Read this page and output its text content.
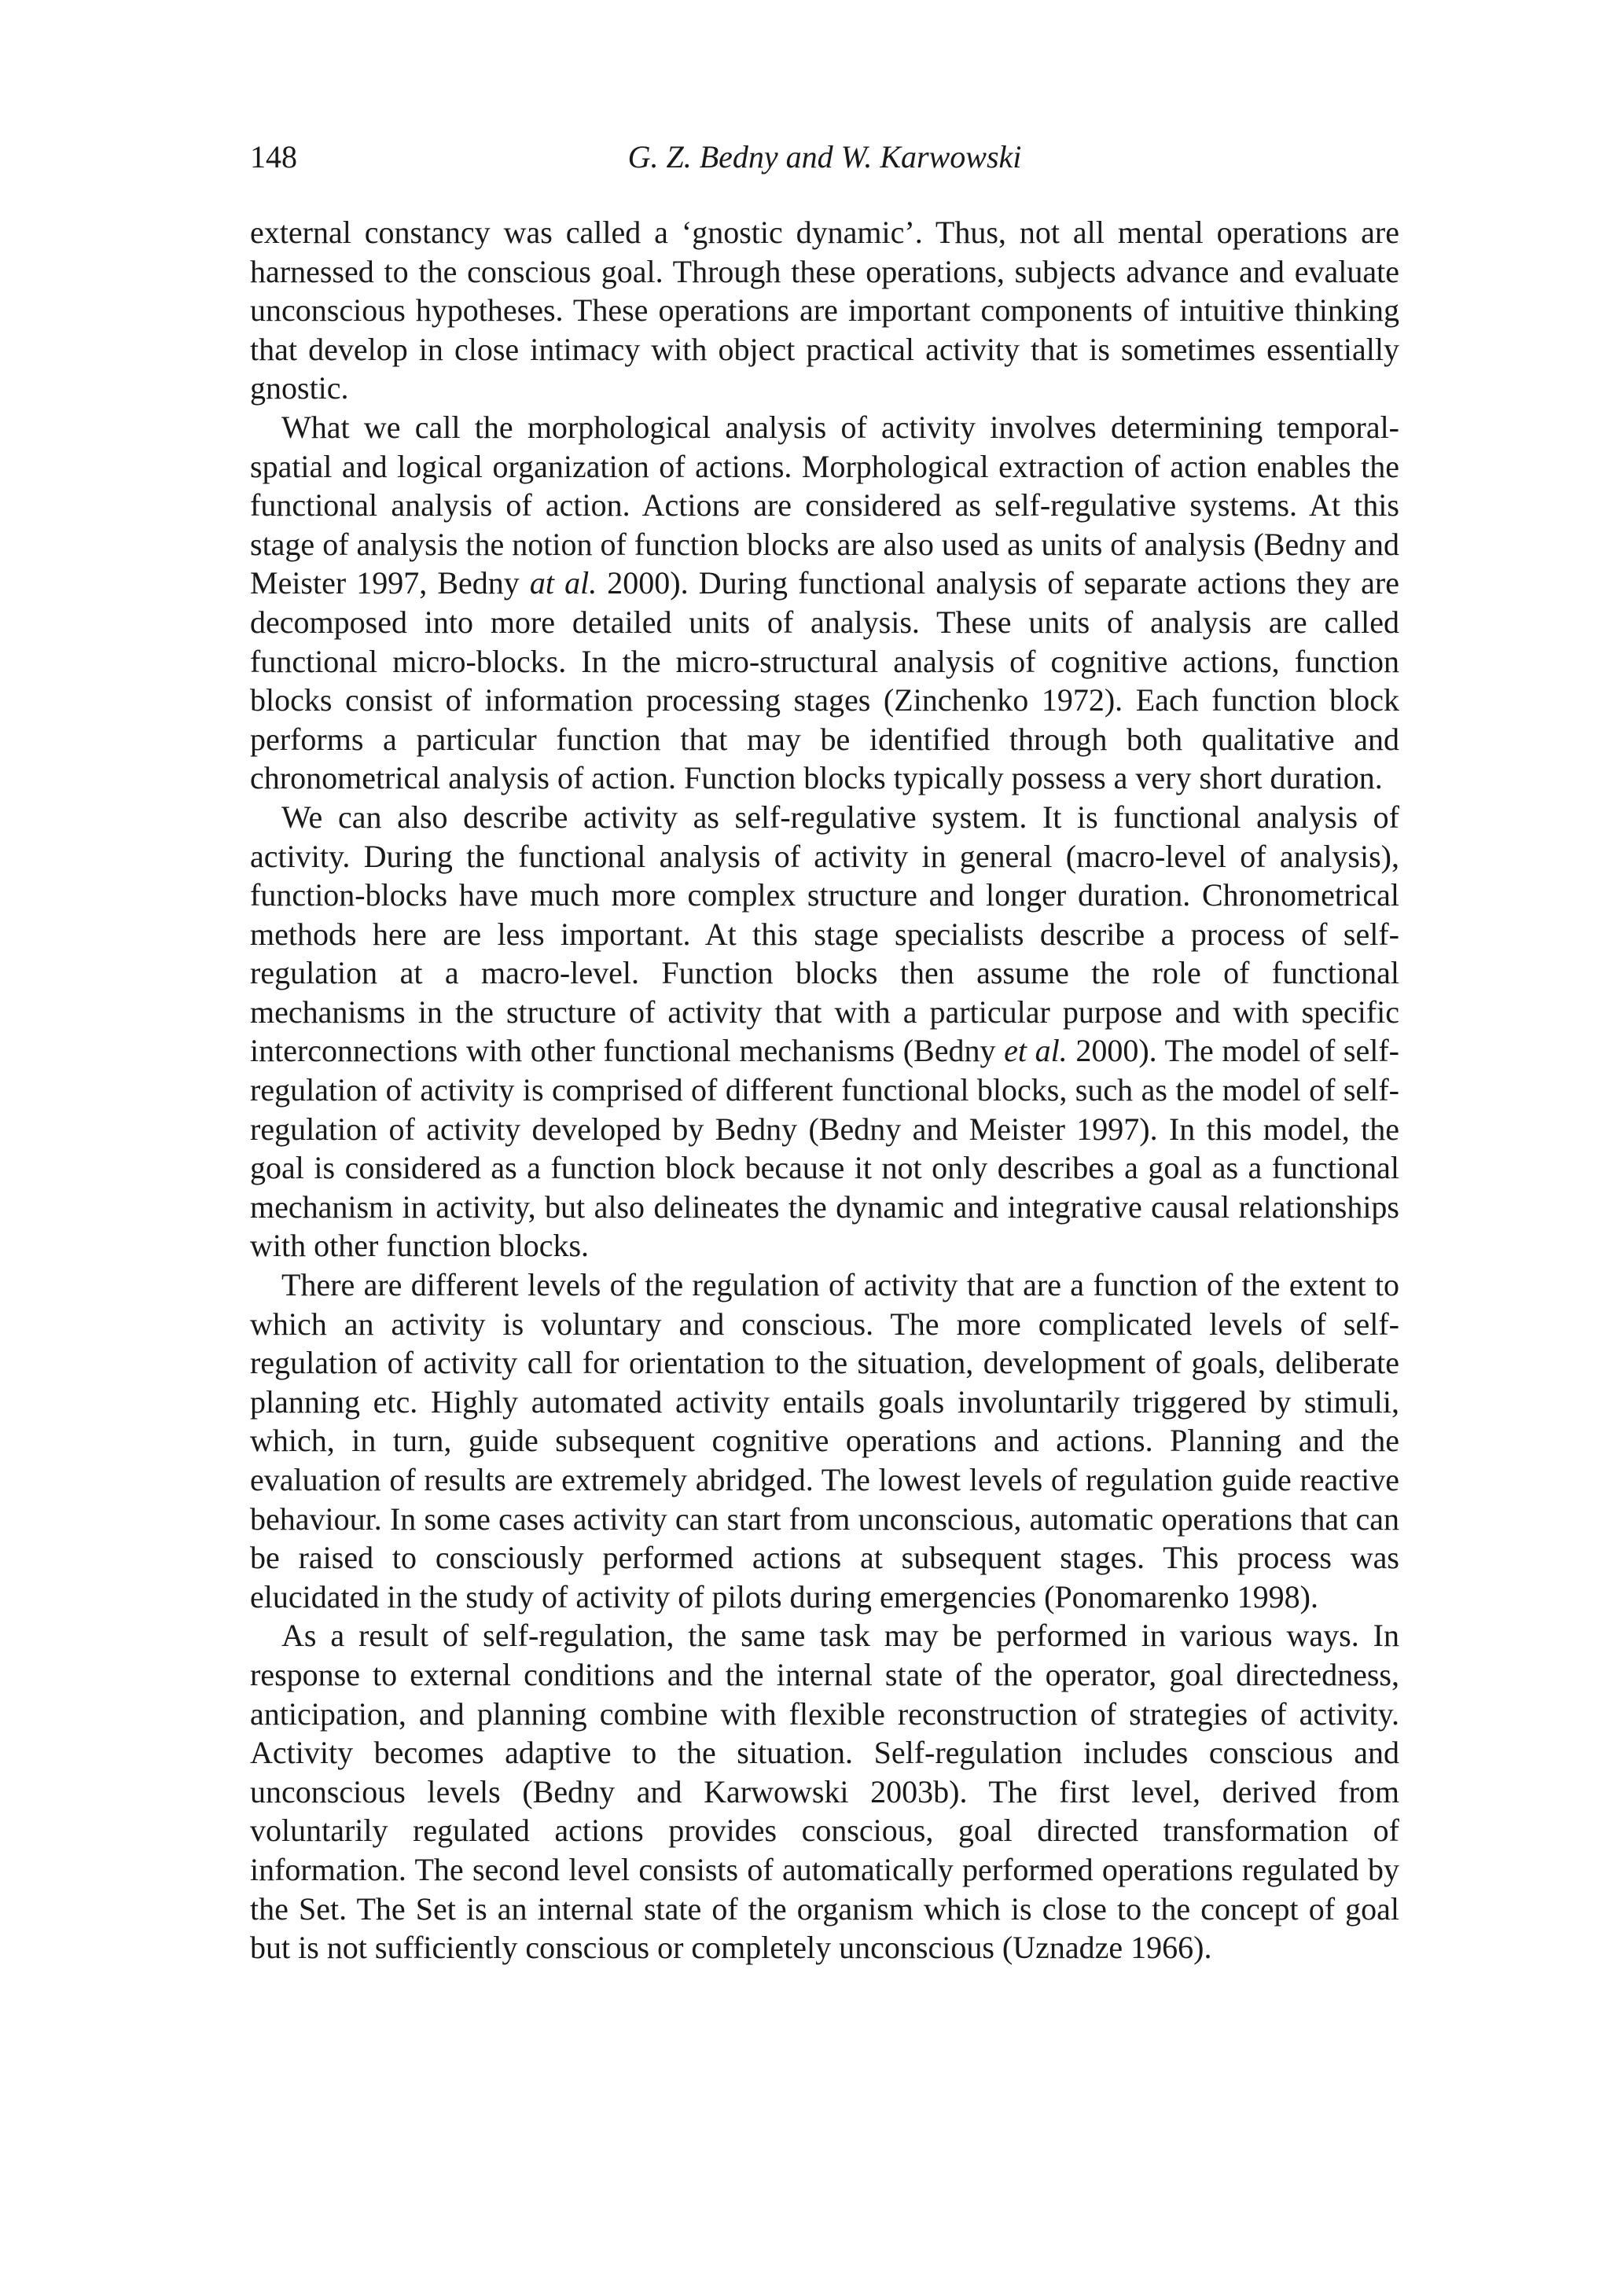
148	G. Z. Bedny and W. Karwowski

external constancy was called a ‘gnostic dynamic’. Thus, not all mental operations are harnessed to the conscious goal. Through these operations, subjects advance and evaluate unconscious hypotheses. These operations are important components of intuitive thinking that develop in close intimacy with object practical activity that is sometimes essentially gnostic.

What we call the morphological analysis of activity involves determining temporal-spatial and logical organization of actions. Morphological extraction of action enables the functional analysis of action. Actions are considered as self-regulative systems. At this stage of analysis the notion of function blocks are also used as units of analysis (Bedny and Meister 1997, Bedny at al. 2000). During functional analysis of separate actions they are decomposed into more detailed units of analysis. These units of analysis are called functional micro-blocks. In the micro-structural analysis of cognitive actions, function blocks consist of information processing stages (Zinchenko 1972). Each function block performs a particular function that may be identified through both qualitative and chronometrical analysis of action. Function blocks typically possess a very short duration.

We can also describe activity as self-regulative system. It is functional analysis of activity. During the functional analysis of activity in general (macro-level of analysis), function-blocks have much more complex structure and longer duration. Chronometrical methods here are less important. At this stage specialists describe a process of self-regulation at a macro-level. Function blocks then assume the role of functional mechanisms in the structure of activity that with a particular purpose and with specific interconnections with other functional mechanisms (Bedny et al. 2000). The model of self-regulation of activity is comprised of different functional blocks, such as the model of self-regulation of activity developed by Bedny (Bedny and Meister 1997). In this model, the goal is considered as a function block because it not only describes a goal as a functional mechanism in activity, but also delineates the dynamic and integrative causal relationships with other function blocks.

There are different levels of the regulation of activity that are a function of the extent to which an activity is voluntary and conscious. The more complicated levels of self-regulation of activity call for orientation to the situation, development of goals, deliberate planning etc. Highly automated activity entails goals involuntarily triggered by stimuli, which, in turn, guide subsequent cognitive operations and actions. Planning and the evaluation of results are extremely abridged. The lowest levels of regulation guide reactive behaviour. In some cases activity can start from unconscious, automatic operations that can be raised to consciously performed actions at subsequent stages. This process was elucidated in the study of activity of pilots during emergencies (Ponomarenko 1998).

As a result of self-regulation, the same task may be performed in various ways. In response to external conditions and the internal state of the operator, goal directedness, anticipation, and planning combine with flexible reconstruction of strategies of activity. Activity becomes adaptive to the situation. Self-regulation includes conscious and unconscious levels (Bedny and Karwowski 2003b). The first level, derived from voluntarily regulated actions provides conscious, goal directed transformation of information. The second level consists of automatically performed operations regulated by the Set. The Set is an internal state of the organism which is close to the concept of goal but is not sufficiently conscious or completely unconscious (Uznadze 1966).
